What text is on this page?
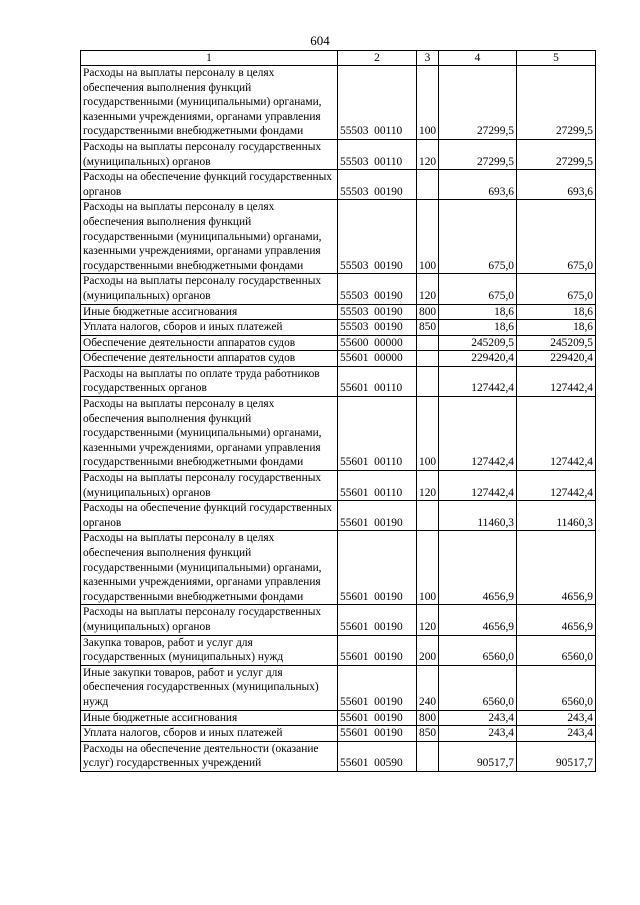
604
1	2	3	4	5
Расходы на выплаты персоналу в целях обеспечения выполнения функций государственными (муниципальными) органами, казенными учреждениями, органами управления государственными внебюджетными фондами	55503  00110	100	27299,5	27299,5
Расходы на выплаты персоналу государственных (муниципальных) органов	55503  00110	120	27299,5	27299,5
Расходы на обеспечение функций государственных органов	55503  00190		693,6	693,6
Расходы на выплаты персоналу в целях обеспечения выполнения функций государственными (муниципальными) органами, казенными учреждениями, органами управления государственными внебюджетными фондами	55503  00190	100	675,0	675,0
Расходы на выплаты персоналу государственных (муниципальных) органов	55503  00190	120	675,0	675,0
Иные бюджетные ассигнования	55503  00190	800	18,6	18,6
Уплата налогов, сборов и иных платежей	55503  00190	850	18,6	18,6
Обеспечение деятельности аппаратов судов	55600  00000		245209,5	245209,5
Обеспечение деятельности аппаратов судов	55601  00000		229420,4	229420,4
Расходы на выплаты по оплате труда работников государственных органов	55601  00110		127442,4	127442,4
Расходы на выплаты персоналу в целях обеспечения выполнения функций государственными (муниципальными) органами, казенными учреждениями, органами управления государственными внебюджетными фондами	55601  00110	100	127442,4	127442,4
Расходы на выплаты персоналу государственных (муниципальных) органов	55601  00110	120	127442,4	127442,4
Расходы на обеспечение функций государственных органов	55601  00190		11460,3	11460,3
Расходы на выплаты персоналу в целях обеспечения выполнения функций государственными (муниципальными) органами, казенными учреждениями, органами управления государственными внебюджетными фондами	55601  00190	100	4656,9	4656,9
Расходы на выплаты персоналу государственных (муниципальных) органов	55601  00190	120	4656,9	4656,9
Закупка товаров, работ и услуг для государственных (муниципальных) нужд	55601  00190	200	6560,0	6560,0
Иные закупки товаров, работ и услуг для обеспечения государственных (муниципальных) нужд	55601  00190	240	6560,0	6560,0
Иные бюджетные ассигнования	55601  00190	800	243,4	243,4
Уплата налогов, сборов и иных платежей	55601  00190	850	243,4	243,4
Расходы на обеспечение деятельности (оказание услуг) государственных учреждений	55601  00590		90517,7	90517,7
